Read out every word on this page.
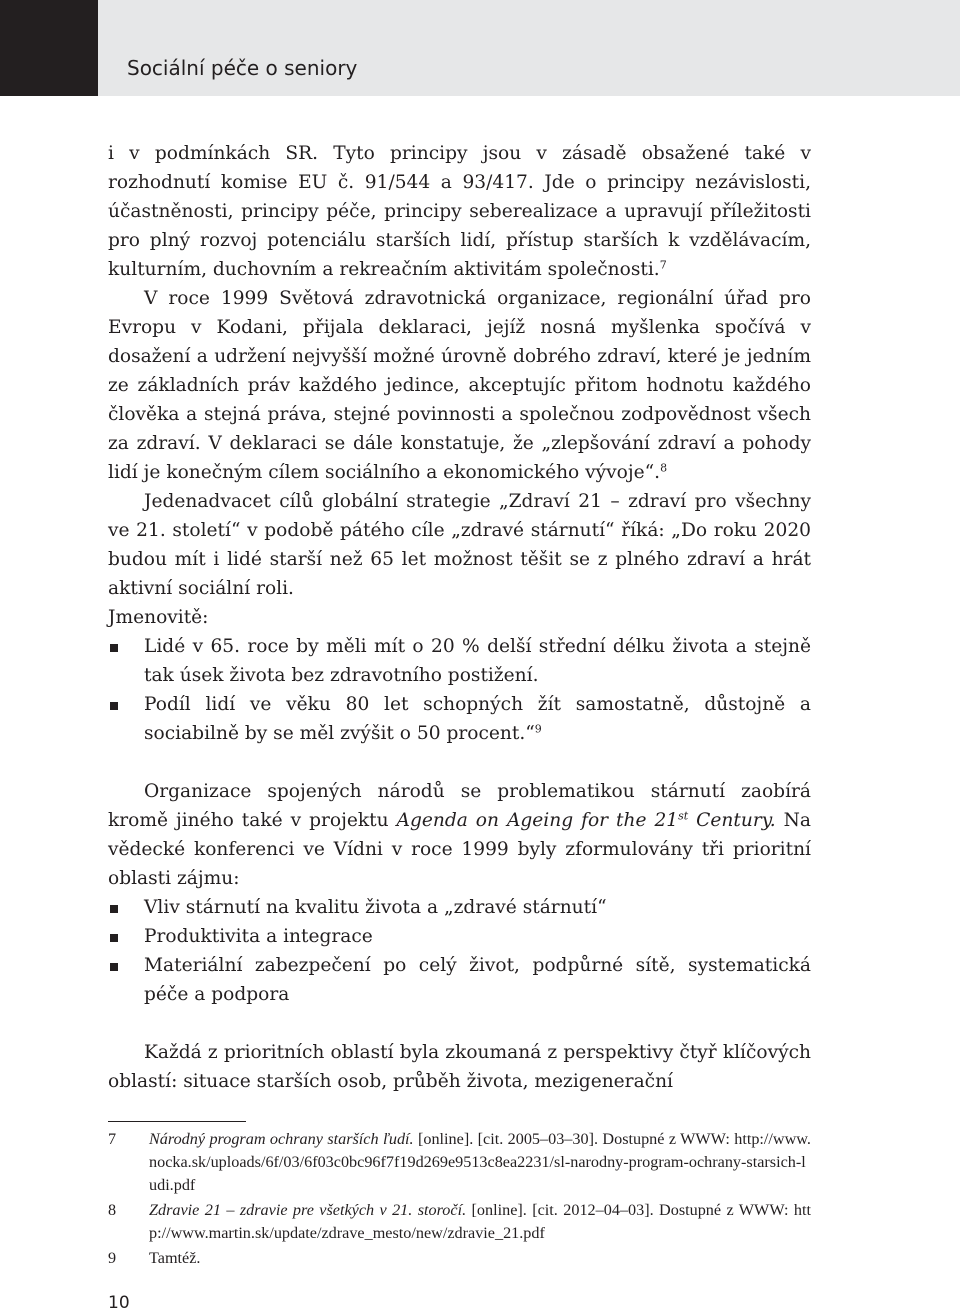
Sociální péče o seniory

i v podmínkách SR. Tyto principy jsou v zásadě obsažené také v rozhodnutí komise EU č. 91/544 a 93/417. Jde o principy nezávislosti, účastněnosti, principy péče, principy seberealizace a upravují příležitosti pro plný rozvoj potenciálu starších lidí, přístup starších k vzdělávacím, kulturním, duchovním a rekreačním aktivitám společnosti.$^7$

V roce 1999 Světová zdravotnická organizace, regionální úřad pro Evropu v Kodani, přijala deklaraci, jejíž nosná myšlenka spočívá v dosažení a udržení nejvyšší možné úrovně dobrého zdraví, které je jedním ze základních práv každého jedince, akceptujíc přitom hodnotu každého člověka a stejná práva, stejné povinnosti a společnou zodpovědnost všech za zdraví. V deklaraci se dále konstatuje, že „zlepšování zdraví a pohody lidí je konečným cílem sociálního a ekonomického vývoje“.$^8$

Jedenadvacet cílů globální strategie „Zdraví 21 – zdraví pro všechny ve 21. století“ v podobě pátého cíle „zdravé stárnutí“ říká: „Do roku 2020 budou mít i lidé starší než 65 let možnost těšit se z plného zdraví a hrát aktivní sociální roli.

Jmenovitě:

Lidé v 65. roce by měli mít o 20 % delší střední délku života a stejně tak úsek života bez zdravotního postižení.
Podíl lidí ve věku 80 let schopných žít samostatně, důstojně a sociabilně by se měl zvýšit o 50 procent.“$^9$

Organizace spojených národů se problematikou stárnutí zaobírá kromě jiného také v projektu Agenda on Ageing for the 21st Century. Na vědecké konferenci ve Vídni v roce 1999 byly zformulovány tři prioritní oblasti zájmu:

Vliv stárnutí na kvalitu života a „zdravé stárnutí“
Produktivita a integrace
Materiální zabezpečení po celý život, podpůrné sítě, systematická péče a podpora

Každá z prioritních oblastí byla zkoumaná z perspektivy čtyř klíčových oblastí: situace starších osob, průběh života, mezigenerační

7 Národný program ochrany starších ľudí. [online]. [cit. 2005–03–30]. Dostupné z WWW: http://www.nocka.sk/uploads/6f/03/6f03c0bc96f7f19d269e9513c8ea2231/sl-narodny-program-ochrany-starsich-ludi.pdf
8 Zdravie 21 – zdravie pre všetkých v 21. storočí. [online]. [cit. 2012–04–03]. Dostupné z WWW: http://www.martin.sk/update/zdrave_mesto/new/zdravie_21.pdf
9 Tamtéž.
10
